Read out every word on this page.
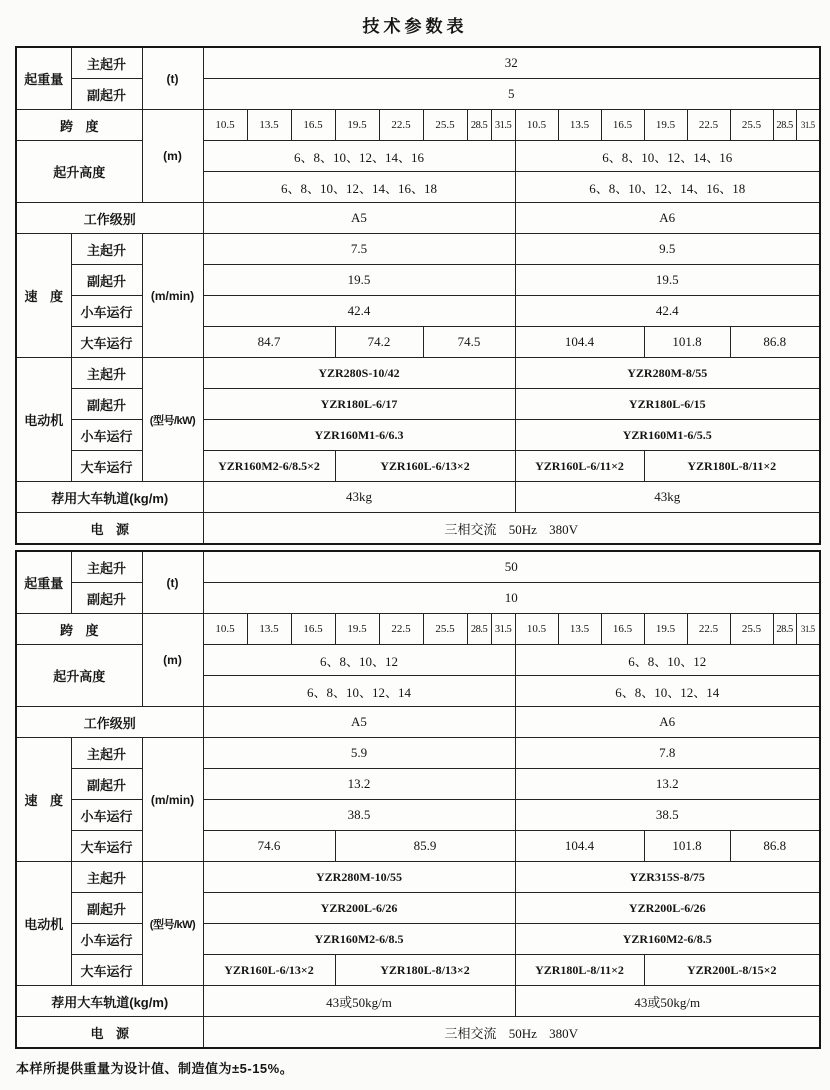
技术参数表
起重量	主起升	(t)	32															
	副起升		5															
跨 度		(m)	10.5	13.5	16.5	19.5	22.5	25.5	28.5	31.5	10.5	13.5	16.5	19.5	22.5	25.5	28.5	31.5
起升高度			6、8、10、12、14、16								6、8、10、12、14、16							
			6、8、10、12、14、16、18								6、8、10、12、14、16、18							
工作级别			A5								A6							
速 度	主起升	(m/min)	7.5								9.5							
	副起升		19.5								19.5							
	小车运行		42.4								42.4							
	大车运行		84.7			74.2		74.5			104.4			101.8		86.8		
电动机	主起升	(型号/kW)	YZR280S-10/42								YZR280M-8/55							
	副起升		YZR180L-6/17								YZR180L-6/15							
	小车运行		YZR160M1-6/6.3								YZR160M1-6/5.5							
	大车运行		YZR160M2-6/8.5×2			YZR160L-6/13×2					YZR160L-6/11×2			YZR180L-8/11×2				
荐用大车轨道(kg/m)			43kg								43kg							
电 源			三相交流 50Hz 380V															
起重量	主起升	(t)	50															
	副起升		10															
跨 度		(m)	10.5	13.5	16.5	19.5	22.5	25.5	28.5	31.5	10.5	13.5	16.5	19.5	22.5	25.5	28.5	31.5
起升高度			6、8、10、12								6、8、10、12							
			6、8、10、12、14								6、8、10、12、14							
工作级别			A5								A6							
速 度	主起升	(m/min)	5.9								7.8							
	副起升		13.2								13.2							
	小车运行		38.5								38.5							
	大车运行		74.6			85.9					104.4			101.8		86.8		
电动机	主起升	(型号/kW)	YZR280M-10/55								YZR315S-8/75							
	副起升		YZR200L-6/26								YZR200L-6/26							
	小车运行		YZR160M2-6/8.5								YZR160M2-6/8.5							
	大车运行		YZR160L-6/13×2			YZR180L-8/13×2					YZR180L-8/11×2			YZR200L-8/15×2				
荐用大车轨道(kg/m)			43或50kg/m								43或50kg/m							
电 源			三相交流 50Hz 380V															
本样所提供重量为设计值、制造值为±5-15%。
